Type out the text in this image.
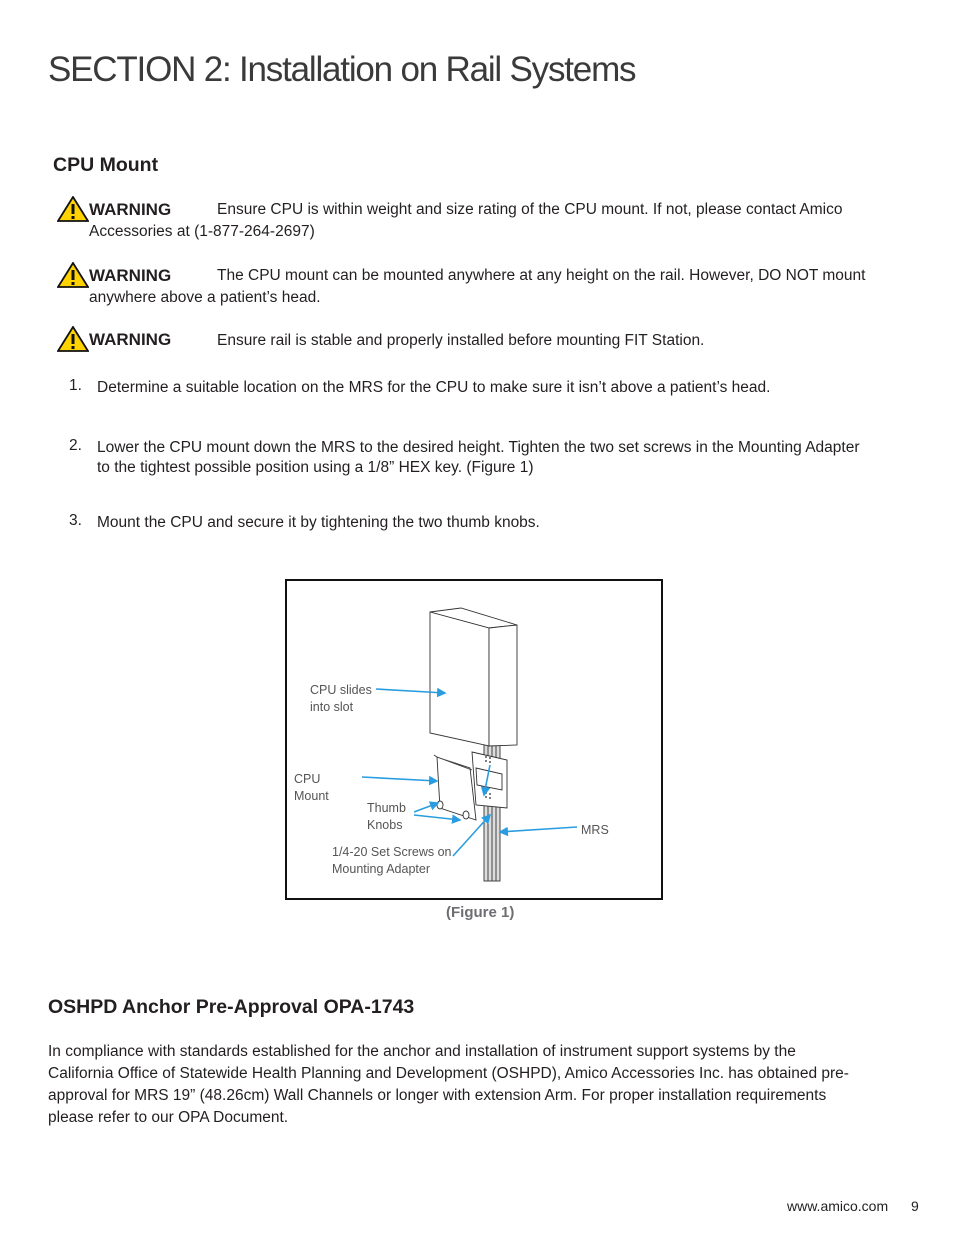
SECTION 2: Installation on Rail Systems
CPU Mount
WARNING	Ensure CPU is within weight and size rating of the CPU mount. If not, please contact Amico
Accessories at (1-877-264-2697)
WARNING	The CPU mount can be mounted anywhere at any height on the rail. However, DO NOT mount
anywhere above a patient’s head.
WARNING	Ensure rail is stable and properly installed before mounting FIT Station.
1. Determine a suitable location on the MRS for the CPU to make sure it isn’t above a patient’s head.
2. Lower the CPU mount down the MRS to the desired height. Tighten the two set screws in the Mounting Adapter
to the tightest possible position using a 1/8” HEX key. (Figure 1)
3. Mount the CPU and secure it by tightening the two thumb knobs.
CPU slides
into slot
CPU
Mount
Thumb
Knobs
1/4-20 Set Screws on
Mounting Adapter
MRS
(Figure 1)
OSHPD Anchor Pre-Approval OPA-1743
In compliance with standards established for the anchor and installation of instrument support systems by the
California Office of Statewide Health Planning and Development (OSHPD), Amico Accessories Inc. has obtained pre-
approval for MRS 19” (48.26cm) Wall Channels or longer with extension Arm. For proper installation requirements
please refer to our OPA Document.
www.amico.com 9
